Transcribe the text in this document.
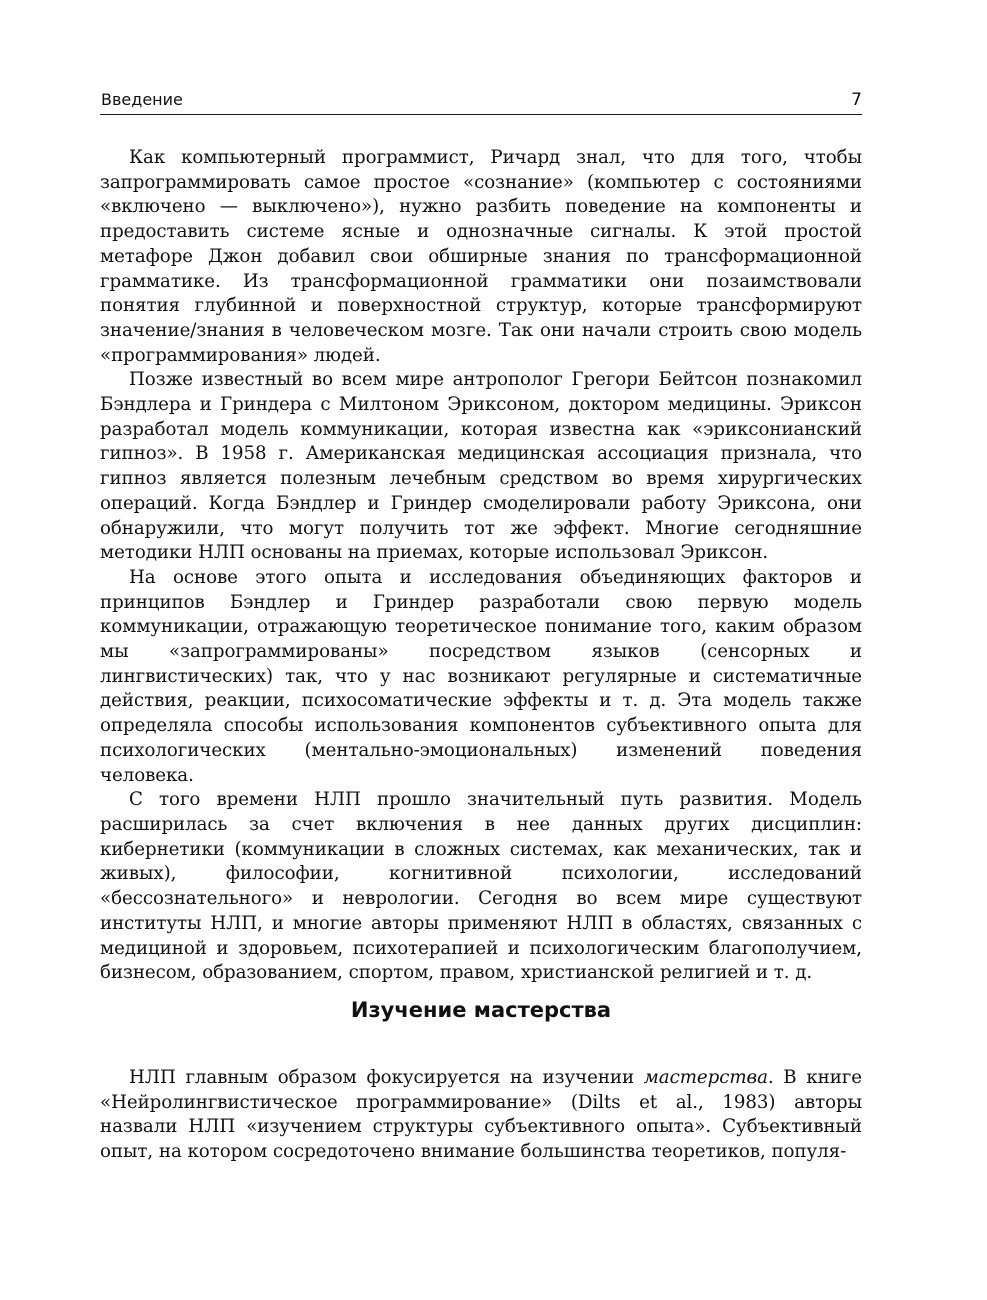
Введение	7

Как компьютерный программист, Ричард знал, что для того, чтобы запрограммировать самое простое «сознание» (компьютер с состояниями «включено — выключено»), нужно разбить поведение на компоненты и предоставить системе ясные и однозначные сигналы. К этой простой метафоре Джон добавил свои обширные знания по трансформационной грамматике. Из трансформационной грамматики они позаимствовали понятия глубинной и поверхностной структур, которые трансформируют значение/знания в человеческом мозге. Так они начали строить свою модель «программирования» людей.

Позже известный во всем мире антрополог Грегори Бейтсон познакомил Бэндлера и Гриндера с Милтоном Эриксоном, доктором медицины. Эриксон разработал модель коммуникации, которая известна как «эриксонианский гипноз». В 1958 г. Американская медицинская ассоциация признала, что гипноз является полезным лечебным средством во время хирургических операций. Когда Бэндлер и Гриндер смоделировали работу Эриксона, они обнаружили, что могут получить тот же эффект. Многие сегодняшние методики НЛП основаны на приемах, которые использовал Эриксон.

На основе этого опыта и исследования объединяющих факторов и принципов Бэндлер и Гриндер разработали свою первую модель коммуникации, отражающую теоретическое понимание того, каким образом мы «запрограммированы» посредством языков (сенсорных и лингвистических) так, что у нас возникают регулярные и систематичные действия, реакции, психосоматические эффекты и т. д. Эта модель также определяла способы использования компонентов субъективного опыта для психологических (ментально-эмоциональных) изменений поведения человека.

С того времени НЛП прошло значительный путь развития. Модель расширилась за счет включения в нее данных других дисциплин: кибернетики (коммуникации в сложных системах, как механических, так и живых), философии, когнитивной психологии, исследований «бессознательного» и неврологии. Сегодня во всем мире существуют институты НЛП, и многие авторы применяют НЛП в областях, связанных с медициной и здоровьем, психотерапией и психологическим благополучием, бизнесом, образованием, спортом, правом, христианской религией и т. д.

Изучение мастерства

НЛП главным образом фокусируется на изучении мастерства. В книге «Нейролингвистическое программирование» (Dilts et al., 1983) авторы назвали НЛП «изучением структуры субъективного опыта». Субъективный опыт, на котором сосредоточено внимание большинства теоретиков, популя-
